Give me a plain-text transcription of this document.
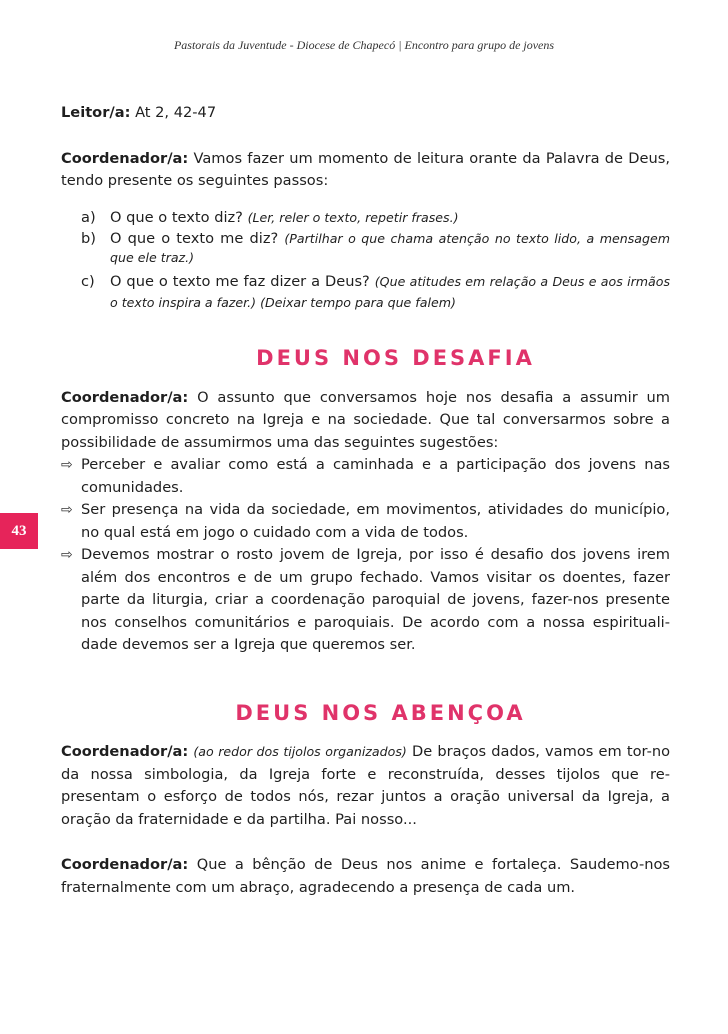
Pastorais da Juventude - Diocese de Chapecó | Encontro para grupo de jovens
43

Leitor/a: At 2, 42-47

Coordenador/a: Vamos fazer um momento de leitura orante da Palavra de Deus, tendo presente os seguintes passos:

a) O que o texto diz? (Ler, reler o texto, repetir frases.)
b) O que o texto me diz? (Partilhar o que chama atenção no texto lido, a mensagem que ele traz.)
c) O que o texto me faz dizer a Deus? (Que atitudes em relação a Deus e aos irmãos o texto inspira a fazer.) (Deixar tempo para que falem)
DEUS NOS DESAFIA

Coordenador/a: O assunto que conversamos hoje nos desafia a assumir um compromisso concreto na Igreja e na sociedade. Que tal conversarmos sobre a possibilidade de assumirmos uma das seguintes sugestões:

⇨ Perceber e avaliar como está a caminhada e a participação dos jovens nas comunidades.
⇨ Ser presença na vida da sociedade, em movimentos, atividades do município, no qual está em jogo o cuidado com a vida de todos.
⇨ Devemos mostrar o rosto jovem de Igreja, por isso é desafio dos jovens irem além dos encontros e de um grupo fechado. Vamos visitar os doentes, fazer parte da liturgia, criar a coordenação paroquial de jovens, fazer-nos presente nos conselhos comunitários e paroquiais. De acordo com a nossa espirituali-dade devemos ser a Igreja que queremos ser.
DEUS NOS ABENÇOA

Coordenador/a: (ao redor dos tijolos organizados) De braços dados, vamos em tor-no da nossa simbologia, da Igreja forte e reconstruída, desses tijolos que re-presentam o esforço de todos nós, rezar juntos a oração universal da Igreja, a oração da fraternidade e da partilha. Pai nosso...

Coordenador/a: Que a bênção de Deus nos anime e fortaleça. Saudemo-nos fraternalmente com um abraço, agradecendo a presença de cada um.
